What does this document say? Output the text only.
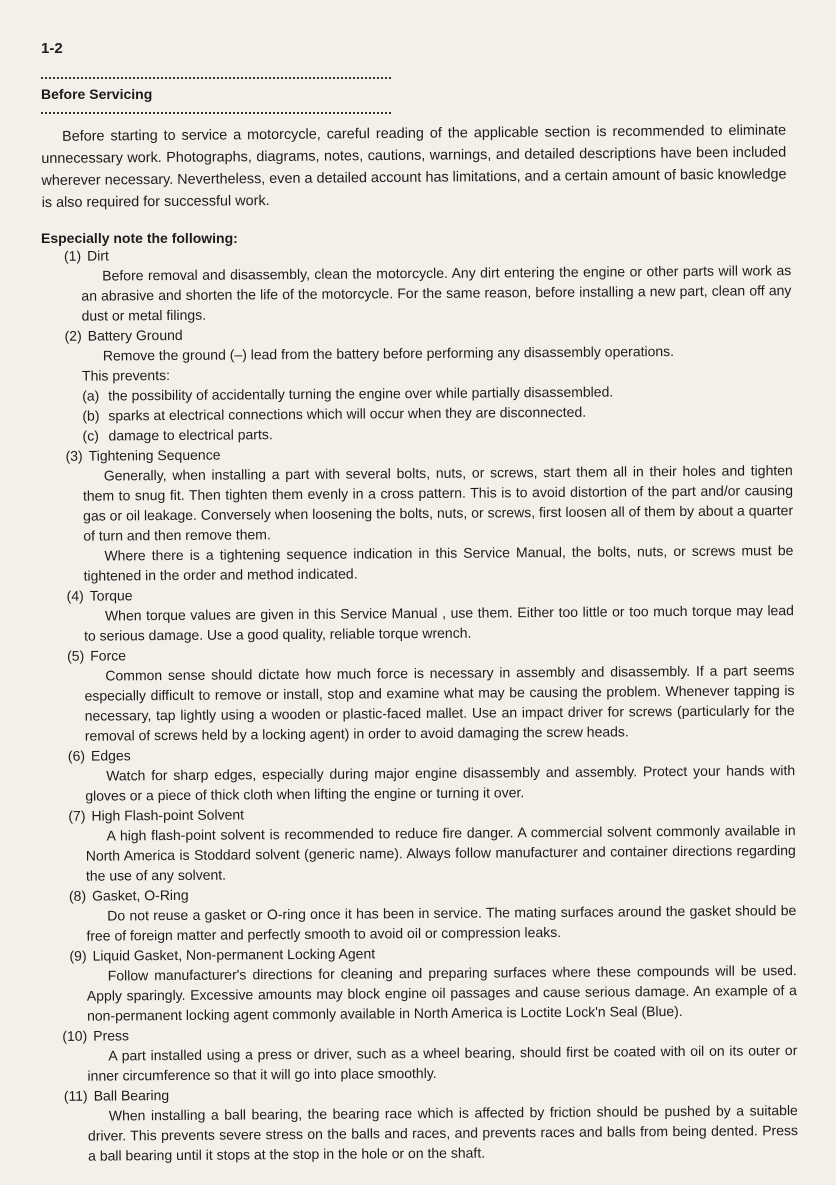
1-2
Before Servicing

Before starting to service a motorcycle, careful reading of the applicable section is recommended to eliminate unnecessary work. Photographs, diagrams, notes, cautions, warnings, and detailed descriptions have been included wherever necessary. Nevertheless, even a detailed account has limitations, and a certain amount of basic knowledge is also required for successful work.

Especially note the following:
(1) Dirt

Before removal and disassembly, clean the motorcycle. Any dirt entering the engine or other parts will work as an abrasive and shorten the life of the motorcycle. For the same reason, before installing a new part, clean off any dust or metal filings.

(2) Battery Ground

Remove the ground (–) lead from the battery before performing any disassembly operations.

This prevents:

(a) the possibility of accidentally turning the engine over while partially disassembled.
(b) sparks at electrical connections which will occur when they are disconnected.
(c) damage to electrical parts.
(3) Tightening Sequence

Generally, when installing a part with several bolts, nuts, or screws, start them all in their holes and tighten them to snug fit. Then tighten them evenly in a cross pattern. This is to avoid distortion of the part and/or causing gas or oil leakage. Conversely when loosening the bolts, nuts, or screws, first loosen all of them by about a quarter of turn and then remove them.

Where there is a tightening sequence indication in this Service Manual, the bolts, nuts, or screws must be tightened in the order and method indicated.

(4) Torque

When torque values are given in this Service Manual , use them. Either too little or too much torque may lead to serious damage. Use a good quality, reliable torque wrench.

(5) Force

Common sense should dictate how much force is necessary in assembly and disassembly. If a part seems especially difficult to remove or install, stop and examine what may be causing the problem. Whenever tapping is necessary, tap lightly using a wooden or plastic-faced mallet. Use an impact driver for screws (particularly for the removal of screws held by a locking agent) in order to avoid damaging the screw heads.

(6) Edges

Watch for sharp edges, especially during major engine disassembly and assembly. Protect your hands with gloves or a piece of thick cloth when lifting the engine or turning it over.

(7) High Flash-point Solvent

A high flash-point solvent is recommended to reduce fire danger. A commercial solvent commonly available in North America is Stoddard solvent (generic name). Always follow manufacturer and container directions regarding the use of any solvent.

(8) Gasket, O-Ring

Do not reuse a gasket or O-ring once it has been in service. The mating surfaces around the gasket should be free of foreign matter and perfectly smooth to avoid oil or compression leaks.

(9) Liquid Gasket, Non-permanent Locking Agent

Follow manufacturer's directions for cleaning and preparing surfaces where these compounds will be used. Apply sparingly. Excessive amounts may block engine oil passages and cause serious damage. An example of a non-permanent locking agent commonly available in North America is Loctite Lock'n Seal (Blue).

(10) Press

A part installed using a press or driver, such as a wheel bearing, should first be coated with oil on its outer or inner circumference so that it will go into place smoothly.

(11) Ball Bearing

When installing a ball bearing, the bearing race which is affected by friction should be pushed by a suitable driver. This prevents severe stress on the balls and races, and prevents races and balls from being dented. Press a ball bearing until it stops at the stop in the hole or on the shaft.
